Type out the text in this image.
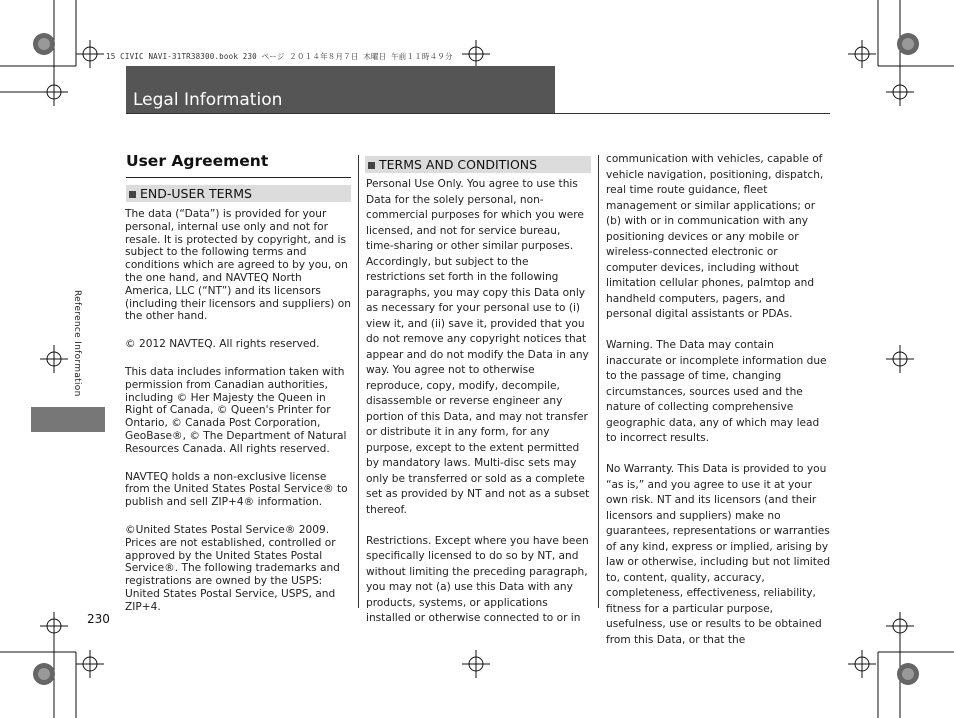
15 CIVIC NAVI-31TR38300.book 230 ページ ２０１４年８月７日 木曜日 午前１１時４９分
Legal Information
Reference Information
User Agreement
END-USER TERMS

The data (“Data”) is provided for your personal, internal use only and not for resale. It is protected by copyright, and is subject to the following terms and conditions which are agreed to by you, on the one hand, and NAVTEQ North America, LLC (“NT”) and its licensors (including their licensors and suppliers) on the other hand.

© 2012 NAVTEQ. All rights reserved.

This data includes information taken with permission from Canadian authorities, including © Her Majesty the Queen in Right of Canada, © Queen's Printer for Ontario, © Canada Post Corporation, GeoBase®, © The Department of Natural Resources Canada. All rights reserved.

NAVTEQ holds a non-exclusive license from the United States Postal Service® to publish and sell ZIP+4® information.

©United States Postal Service® 2009. Prices are not established, controlled or approved by the United States Postal Service®. The following trademarks and registrations are owned by the USPS: United States Postal Service, USPS, and ZIP+4.

TERMS AND CONDITIONS

Personal Use Only. You agree to use this Data for the solely personal, non-commercial purposes for which you were licensed, and not for service bureau, time-sharing or other similar purposes. Accordingly, but subject to the restrictions set forth in the following paragraphs, you may copy this Data only as necessary for your personal use to (i) view it, and (ii) save it, provided that you do not remove any copyright notices that appear and do not modify the Data in any way. You agree not to otherwise reproduce, copy, modify, decompile, disassemble or reverse engineer any portion of this Data, and may not transfer or distribute it in any form, for any purpose, except to the extent permitted by mandatory laws. Multi-disc sets may only be transferred or sold as a complete set as provided by NT and not as a subset thereof.

Restrictions. Except where you have been specifically licensed to do so by NT, and without limiting the preceding paragraph, you may not (a) use this Data with any products, systems, or applications installed or otherwise connected to or in

communication with vehicles, capable of vehicle navigation, positioning, dispatch, real time route guidance, fleet management or similar applications; or (b) with or in communication with any positioning devices or any mobile or wireless-connected electronic or computer devices, including without limitation cellular phones, palmtop and handheld computers, pagers, and personal digital assistants or PDAs.

Warning. The Data may contain inaccurate or incomplete information due to the passage of time, changing circumstances, sources used and the nature of collecting comprehensive geographic data, any of which may lead to incorrect results.

No Warranty. This Data is provided to you “as is,” and you agree to use it at your own risk. NT and its licensors (and their licensors and suppliers) make no guarantees, representations or warranties of any kind, express or implied, arising by law or otherwise, including but not limited to, content, quality, accuracy, completeness, effectiveness, reliability, fitness for a particular purpose, usefulness, use or results to be obtained from this Data, or that the

230
